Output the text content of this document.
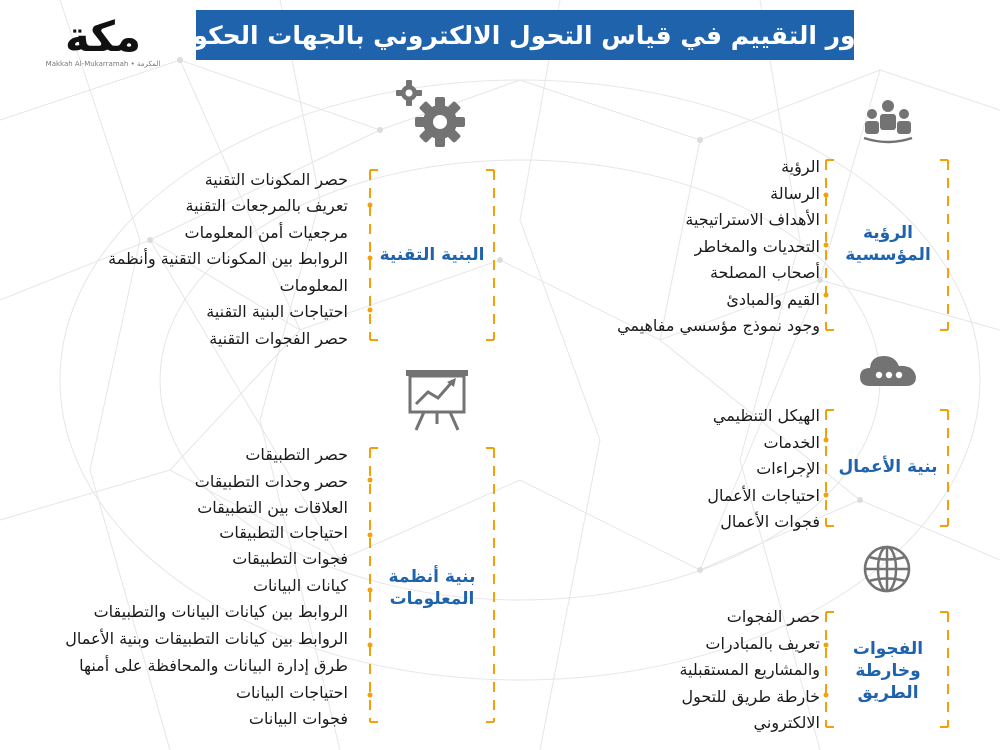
مكة
Makkah Al-Mukarramah • المكرمة
محاور التقييم في قياس التحول الالكتروني بالجهات الحكومية
الرؤية
الرسالة
الأهداف الاستراتيجية
التحديات والمخاطر
أصحاب المصلحة
القيم والمبادئ
وجود نموذج مؤسسي مفاهيمي
الرؤية المؤسسية
الهيكل التنظيمي
الخدمات
الإجراءات
احتياجات الأعمال
فجوات الأعمال
بنية الأعمال
حصر الفجوات
تعريف بالمبادرات
والمشاريع المستقبلية
خارطة طريق للتحول
الالكتروني
الفجوات وخارطة الطريق
حصر المكونات التقنية
تعريف بالمرجعات التقنية
مرجعيات أمن المعلومات
الروابط بين المكونات التقنية وأنظمة
المعلومات
احتياجات البنية التقنية
حصر الفجوات التقنية
البنية التقنية
حصر التطبيقات
حصر وحدات التطبيقات
العلاقات بين التطبيقات
احتياجات التطبيقات
فجوات التطبيقات
كيانات البيانات
الروابط بين كيانات البيانات والتطبيقات
الروابط بين كيانات التطبيقات وبنية الأعمال
طرق إدارة البيانات والمحافظة على أمنها
احتياجات البيانات
فجوات البيانات
بنية أنظمة المعلومات
